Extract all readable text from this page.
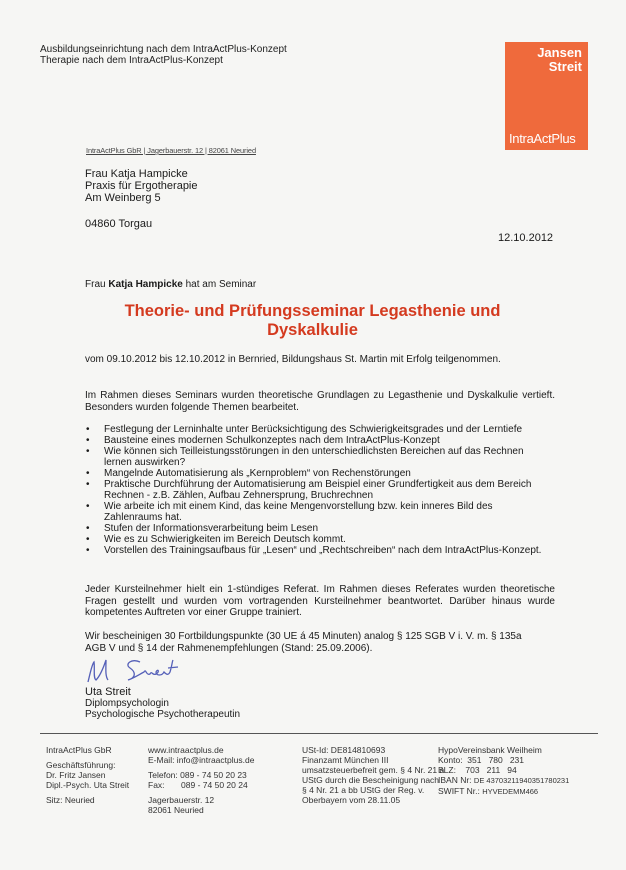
Ausbildungseinrichtung nach dem IntraActPlus-Konzept
Therapie nach dem IntraActPlus-Konzept
Jansen
Streit
IntraActPlus
IntraActPlus GbR | Jagerbauerstr. 12 | 82061 Neuried
Frau Katja Hampicke
Praxis für Ergotherapie
Am Weinberg 5
04860 Torgau
12.10.2012
Frau Katja Hampicke hat am Seminar
Theorie- und Prüfungsseminar Legasthenie und Dyskalkulie
vom 09.10.2012 bis 12.10.2012 in Bernried, Bildungshaus St. Martin mit Erfolg teilgenommen.
Im Rahmen dieses Seminars wurden theoretische Grundlagen zu Legasthenie und Dyskalkulie vertieft. Besonders wurden folgende Themen bearbeitet.
• Festlegung der Lerninhalte unter Berücksichtigung des Schwierigkeitsgrades und der Lerntiefe
• Bausteine eines modernen Schulkonzeptes nach dem IntraActPlus-Konzept
• Wie können sich Teilleistungsstörungen in den unterschiedlichsten Bereichen auf das Rechnen lernen auswirken?
• Mangelnde Automatisierung als „Kernproblem“ von Rechenstörungen
• Praktische Durchführung der Automatisierung am Beispiel einer Grundfertigkeit aus dem Bereich Rechnen - z.B. Zählen, Aufbau Zehnersprung, Bruchrechnen
• Wie arbeite ich mit einem Kind, das keine Mengenvorstellung bzw. kein inneres Bild des Zahlenraums hat.
• Stufen der Informationsverarbeitung beim Lesen
• Wie es zu Schwierigkeiten im Bereich Deutsch kommt.
• Vorstellen des Trainingsaufbaus für „Lesen“ und „Rechtschreiben“ nach dem IntraActPlus-Konzept.
Jeder Kursteilnehmer hielt ein 1-stündiges Referat. Im Rahmen dieses Referates wurden theoretische Fragen gestellt und wurden vom vortragenden Kursteilnehmer beantwortet. Darüber hinaus wurde kompetentes Auftreten vor einer Gruppe trainiert.
Wir bescheinigen 30 Fortbildungspunkte (30 UE á 45 Minuten) analog § 125 SGB V i. V. m. § 135a AGB V und § 14 der Rahmenempfehlungen (Stand: 25.09.2006).
Uta Streit
Diplompsychologin
Psychologische Psychotherapeutin
IntraActPlus GbR
Geschäftsführung:
Dr. Fritz Jansen
Dipl.-Psych. Uta Streit
Sitz: Neuried
www.intraactplus.de
E-Mail: info@intraactplus.de
Telefon: 089 - 74 50 20 23
Fax:       089 - 74 50 20 24
Jagerbauerstr. 12
82061 Neuried
USt-Id: DE814810693
Finanzamt München III
umsatzsteuerbefreit gem. § 4 Nr. 21 a
UStG durch die Bescheinigung nach
§ 4 Nr. 21 a bb UStG der Reg. v.
Oberbayern vom 28.11.05
HypoVereinsbank Weilheim
Konto:  351   780   231
BLZ:    703   211   94
IBAN Nr: DE 43703211940351780231
SWIFT Nr.: HYVEDEMM466
